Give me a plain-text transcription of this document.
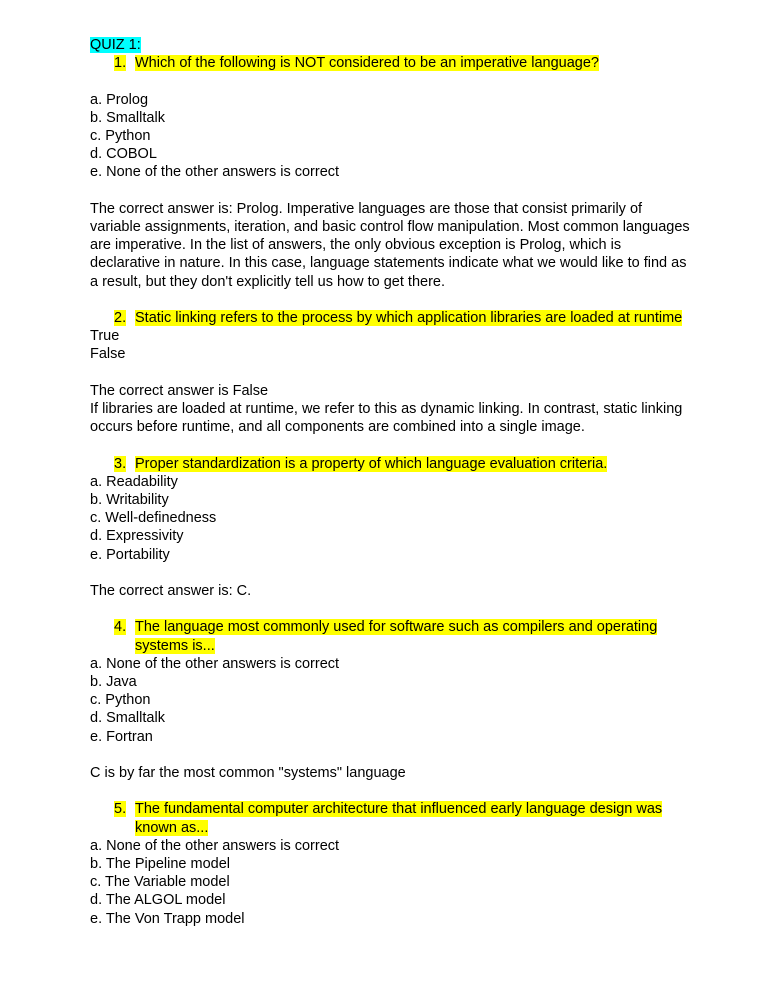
QUIZ 1:
1. Which of the following is NOT considered to be an imperative language?
a. Prolog
b. Smalltalk
c. Python
d. COBOL
e. None of the other answers is correct
The correct answer is: Prolog. Imperative languages are those that consist primarily of variable assignments, iteration, and basic control flow manipulation. Most common languages are imperative. In the list of answers, the only obvious exception is Prolog, which is declarative in nature. In this case, language statements indicate what we would like to find as a result, but they don't explicitly tell us how to get there.
2. Static linking refers to the process by which application libraries are loaded at runtime
True
False
The correct answer is False
If libraries are loaded at runtime, we refer to this as dynamic linking. In contrast, static linking occurs before runtime, and all components are combined into a single image.
3. Proper standardization is a property of which language evaluation criteria.
a. Readability
b. Writability
c. Well-definedness
d. Expressivity
e. Portability
The correct answer is: C.
4. The language most commonly used for software such as compilers and operating systems is...
a. None of the other answers is correct
b. Java
c. Python
d. Smalltalk
e. Fortran
C is by far the most common "systems" language
5. The fundamental computer architecture that influenced early language design was known as...
a. None of the other answers is correct
b. The Pipeline model
c. The Variable model
d. The ALGOL model
e. The Von Trapp model
